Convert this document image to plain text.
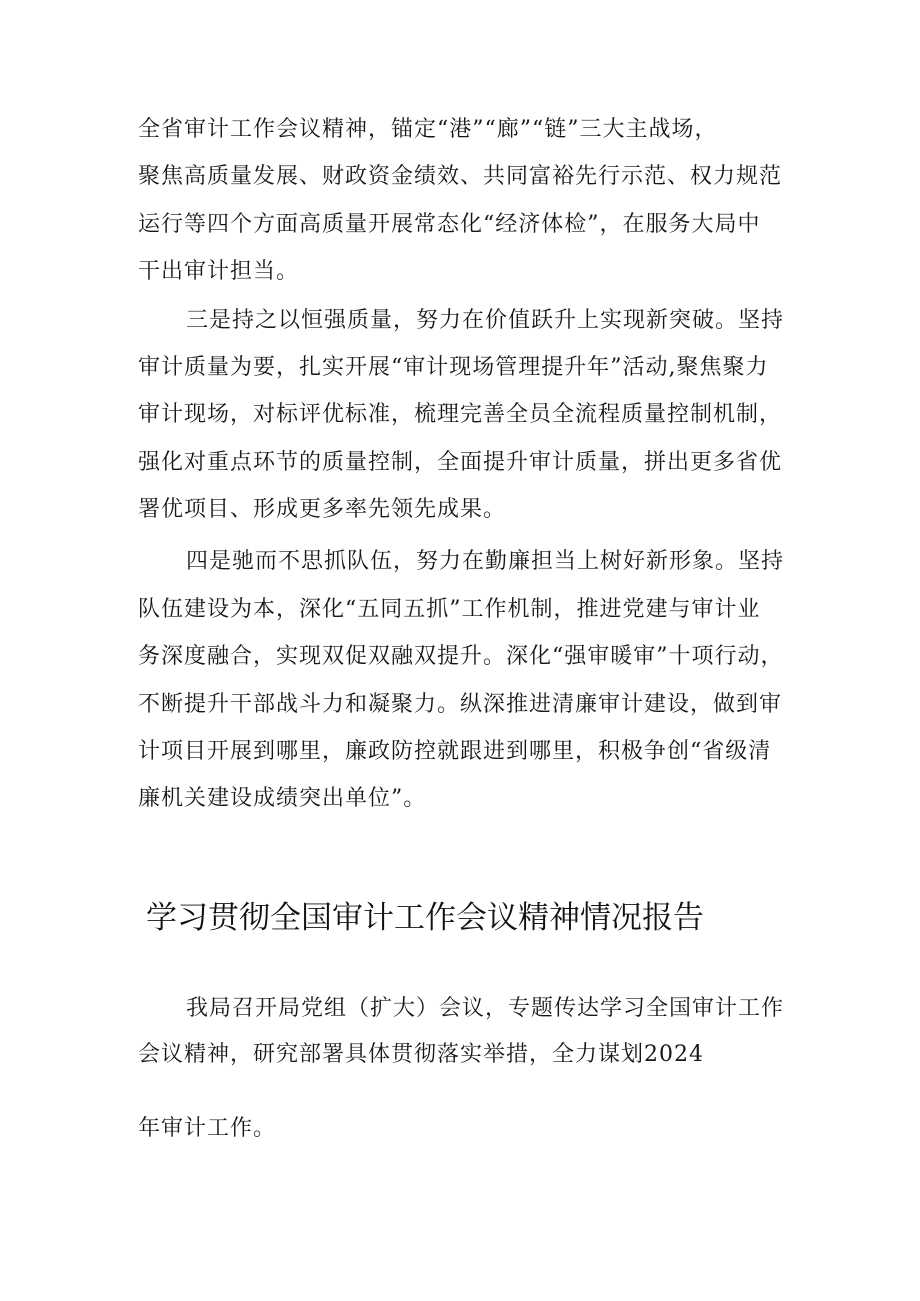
全省审计工作会议精神，锚定“港”“廊”“链”三大主战场，

聚焦高质量发展、财政资金绩效、共同富裕先行示范、权力规范

运行等四个方面高质量开展常态化“经济体检”，在服务大局中

干出审计担当。

三是持之以恒强质量，努力在价值跃升上实现新突破。坚持

审计质量为要，扎实开展“审计现场管理提升年”活动,聚焦聚力

审计现场，对标评优标准，梳理完善全员全流程质量控制机制，

强化对重点环节的质量控制，全面提升审计质量，拼出更多省优

署优项目、形成更多率先领先成果。

四是驰而不思抓队伍，努力在勤廉担当上树好新形象。坚持

队伍建设为本，深化“五同五抓”工作机制，推进党建与审计业

务深度融合，实现双促双融双提升。深化“强审暖审”十项行动，

不断提升干部战斗力和凝聚力。纵深推进清廉审计建设，做到审

计项目开展到哪里，廉政防控就跟进到哪里，积极争创“省级清

廉机关建设成绩突出单位”。

学习贯彻全国审计工作会议精神情况报告

我局召开局党组（扩大）会议，专题传达学习全国审计工作

会议精神，研究部署具体贯彻落实举措，全力谋划2024

年审计工作。
